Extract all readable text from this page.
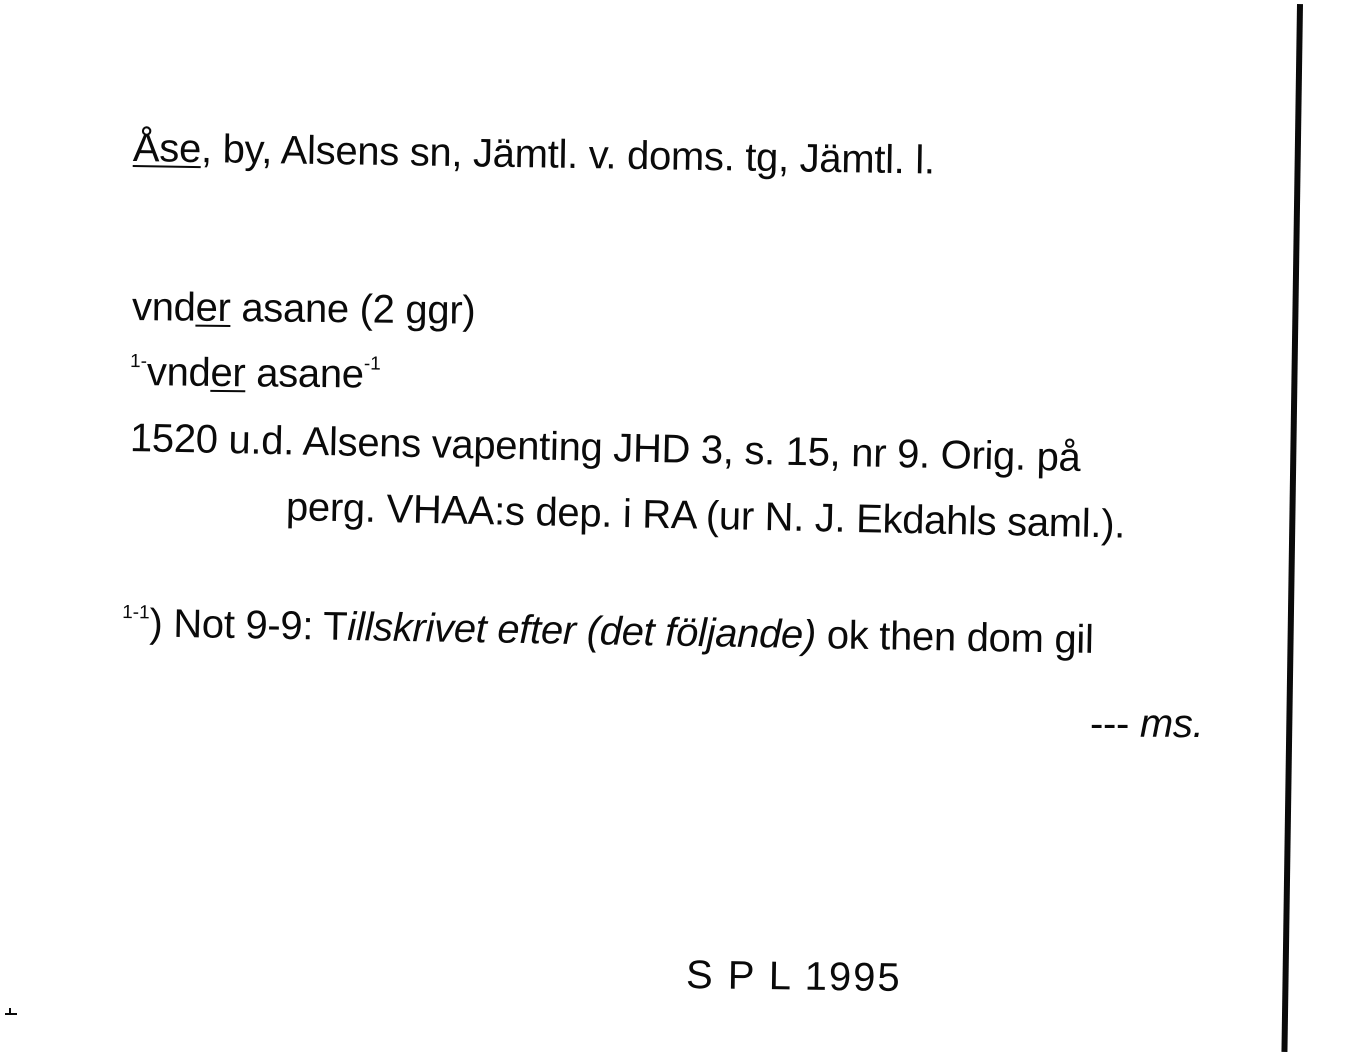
Åse, by, Alsens sn, Jämtl. v. doms. tg, Jämtl. l.
vnder asane (2 ggr)
$^{1-}$vnder asane$^{-1}$
1520 u.d. Alsens vapenting JHD 3, s. 15, nr 9. Orig. på
perg. VHAA:s dep. i RA (ur N. J. Ekdahls saml.).
$^{1-1}$) Not 9-9: Tillskrivet efter (det följande) ok then dom gil
--- ms.
S P L 1995
